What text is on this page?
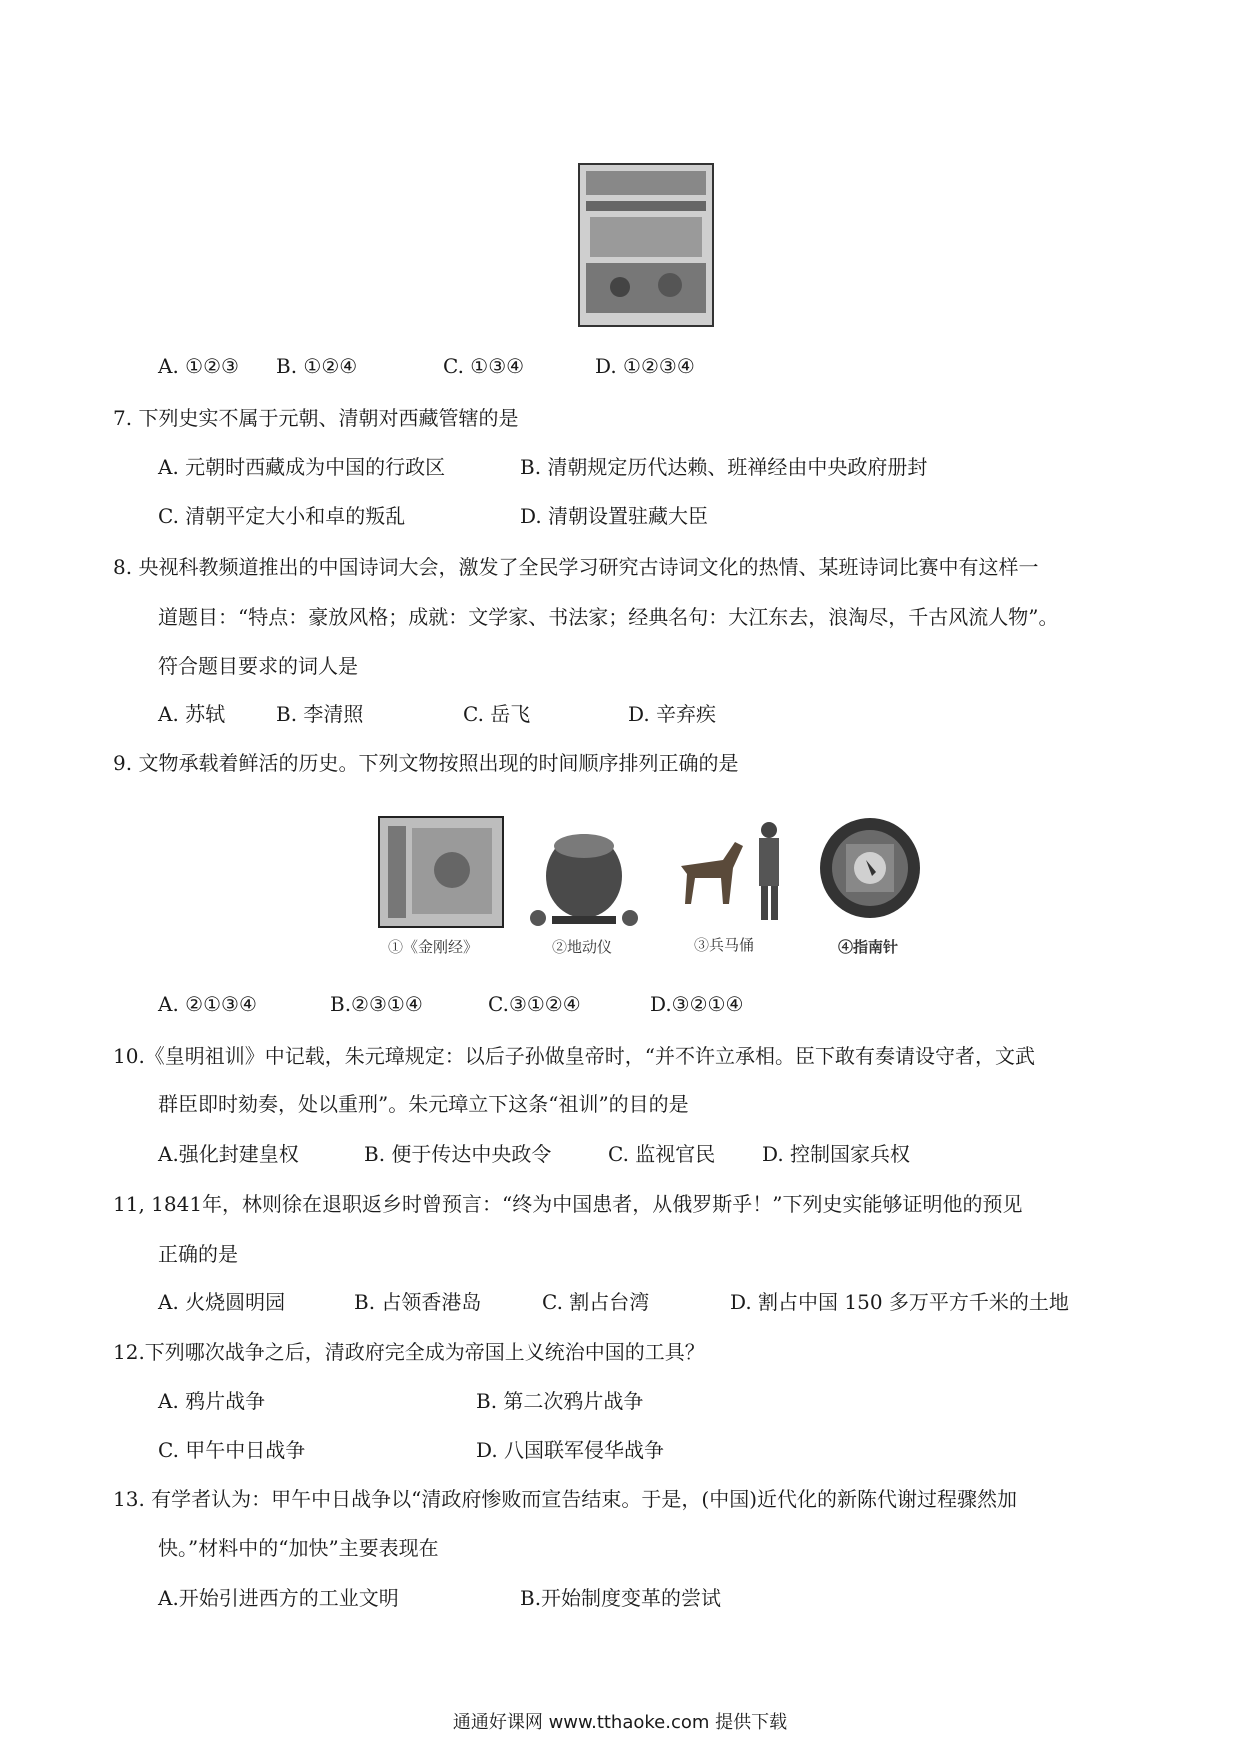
A. ①②③ B. ①②④	C. ①③④	D. ①②③④
7. 下列史实不属于元朝、清朝对西藏管辖的是
A. 元朝时西藏成为中国的行政区	B. 清朝规定历代达赖、班禅经由中央政府册封
C. 清朝平定大小和卓的叛乱	D. 清朝设置驻藏大臣
8. 央视科教频道推出的中国诗词大会，激发了全民学习研究古诗词文化的热情、某班诗词比赛中有这样一
道题目：“特点：豪放风格；成就：文学家、书法家；经典名句：大江东去，浪淘尽，千古风流人物”。
符合题目要求的词人是
A. 苏轼	B. 李清照	C. 岳飞	D. 辛弃疾
9. 文物承载着鲜活的历史。下列文物按照出现的时间顺序排列正确的是
①《金刚经》	②地动仪	③兵马俑	④指南针
A. ②①③④	B.②③①④	C.③①②④	D.③②①④
10.《皇明祖训》中记载，朱元璋规定：以后子孙做皇帝时，“并不许立承相。臣下敢有奏请设守者，文武
群臣即时劾奏，处以重刑”。朱元璋立下这条“祖训”的目的是
A.强化封建皇权	B. 便于传达中央政令	C. 监视官民 D. 控制国家兵权
11, 1841年，林则徐在退职返乡时曾预言：“终为中国患者，从俄罗斯乎！”下列史实能够证明他的预见
正确的是
A. 火烧圆明园	B. 占领香港岛	C. 割占台湾	D. 割占中国 150 多万平方千米的土地
12.下列哪次战争之后，清政府完全成为帝国上义统治中国的工具？
A. 鸦片战争	B. 第二次鸦片战争
C. 甲午中日战争	D. 八国联军侵华战争
13. 有学者认为：甲午中日战争以“清政府惨败而宣告结束。于是，(中国)近代化的新陈代谢过程骤然加
快。”材料中的“加快”主要表现在
A.开始引进西方的工业文明	B.开始制度变革的尝试
通通好课网 www.tthaoke.com 提供下载
